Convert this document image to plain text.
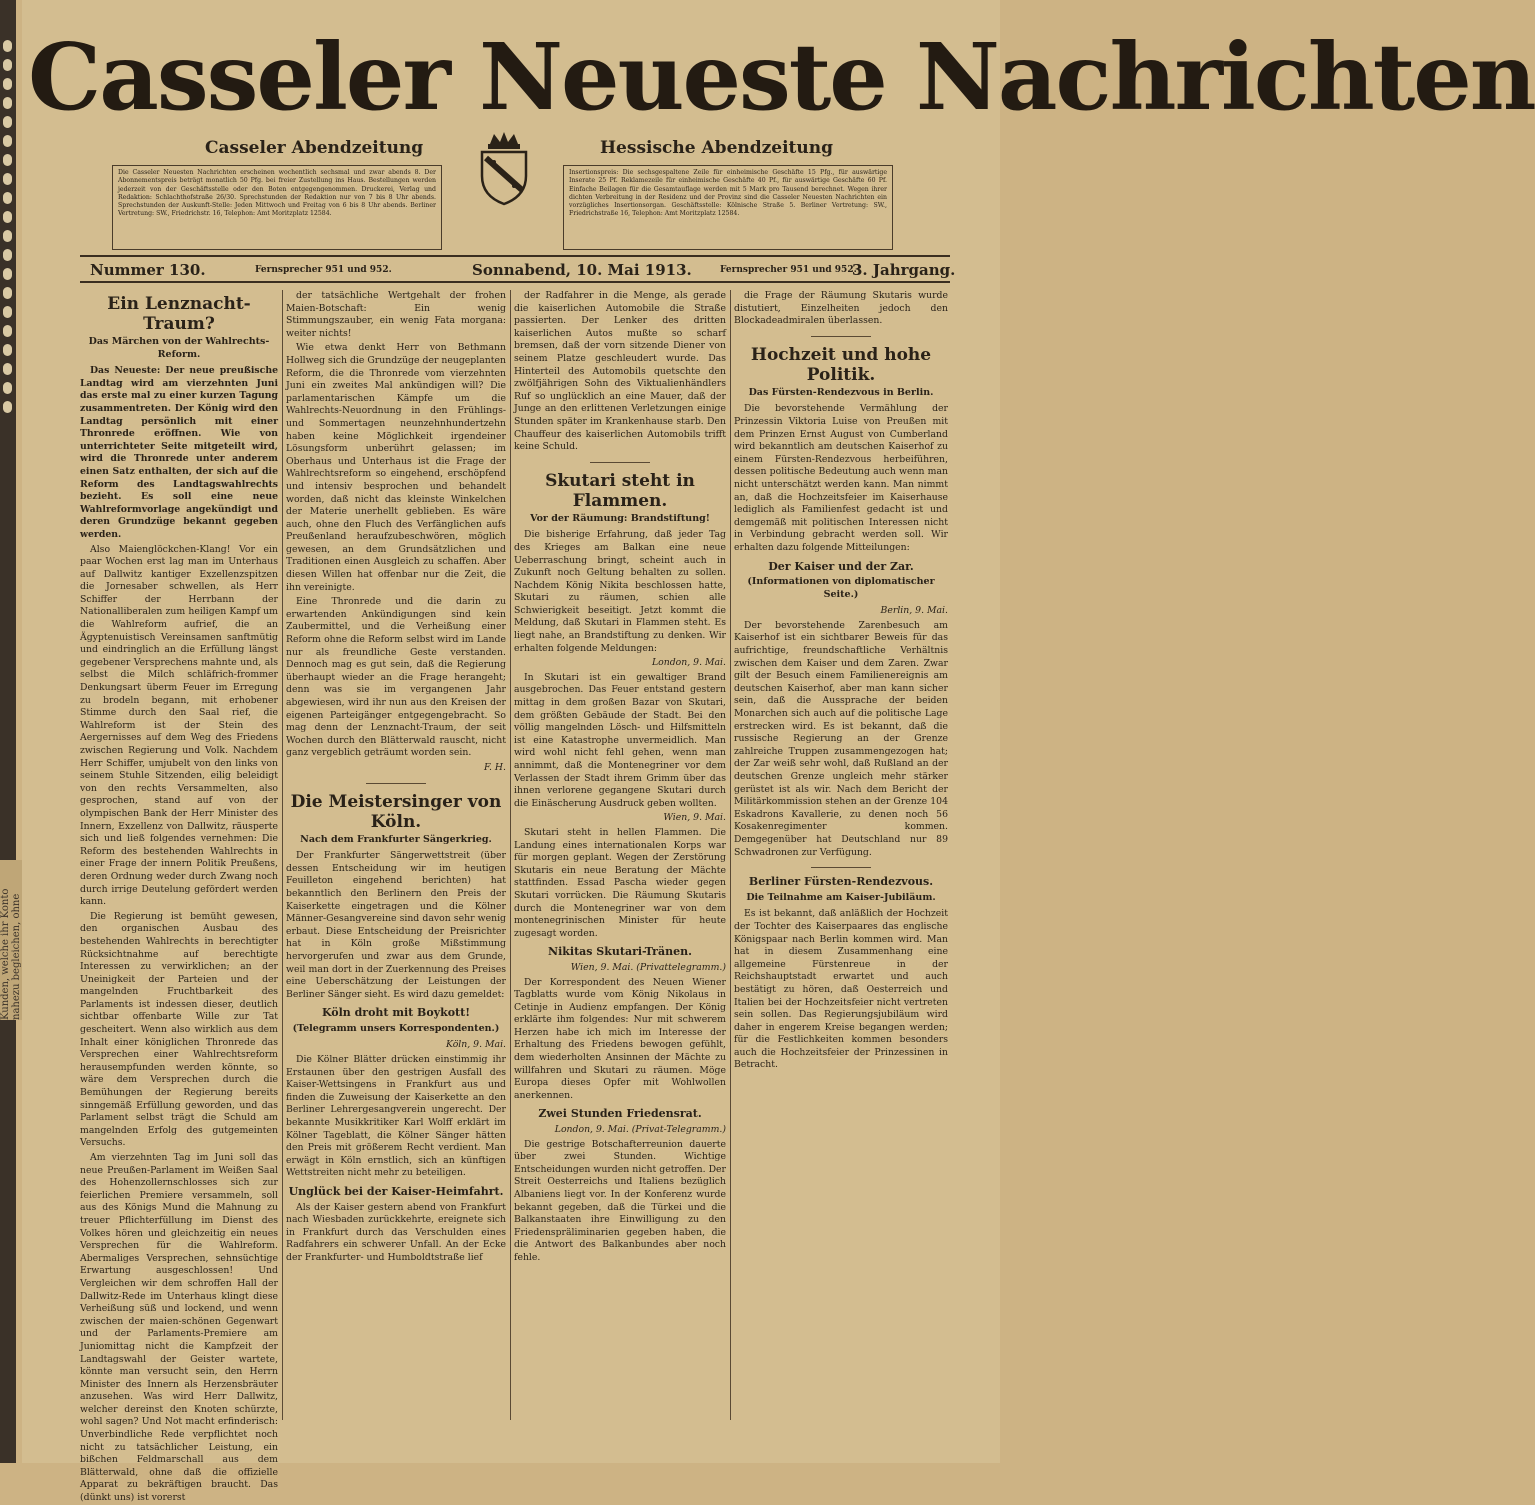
Kunden, welche ihr Konto nahezu begleichen, ohne
Casseler Neueste Nachrichten
Casseler Abendzeitung	Hessische Abendzeitung
Die Casseler Neuesten Nachrichten erscheinen wochentlich sechsmal und zwar abends 8. Der Abonnementspreis beträgt monatlich 50 Pfg. bei freier Zustellung ins Haus. Bestellungen werden jederzeit von der Geschäftsstelle oder den Boten entgegengenommen. Druckerei, Verlag und Redaktion: Schlachthofstraße 26/30. Sprechstunden der Redaktion nur von 7 bis 8 Uhr abends. Sprechstunden der Auskunft-Stelle: Jeden Mittwoch und Freitag von 6 bis 8 Uhr abends. Berliner Vertretung: SW., Friedrichstr. 16, Telephon: Amt Moritzplatz 12584.
Insertionspreis: Die sechsgespaltene Zeile für einheimische Geschäfte 15 Pfg., für auswärtige Inserate 25 Pf. Reklamezeile für einheimische Geschäfte 40 Pf., für auswärtige Geschäfte 60 Pf. Einfache Beilagen für die Gesamtauflage werden mit 5 Mark pro Tausend berechnet. Wegen ihrer dichten Verbreitung in der Residenz und der Provinz sind die Casseler Neuesten Nachrichten ein vorzügliches Insertionsorgan. Geschäftsstelle: Kölnische Straße 5. Berliner Vertretung: SW., Friedrichstraße 16, Telephon: Amt Moritzplatz 12584.
Nummer 130.	Fernsprecher 951 und 952.	Sonnabend, 10. Mai 1913.	Fernsprecher 951 und 952.
3. Jahrgang.
Ein Lenznacht-Traum?
Das Märchen von der Wahlrechts-Reform.

Das Neueste: Der neue preußische Landtag wird am vierzehnten Juni das erste mal zu einer kurzen Tagung zusammentreten. Der König wird den Landtag persönlich mit einer Thronrede eröffnen. Wie von unterrichteter Seite mitgeteilt wird, wird die Thronrede unter anderem einen Satz enthalten, der sich auf die Reform des Landtagswahlrechts bezieht. Es soll eine neue Wahlreformvorlage angekündigt und deren Grundzüge bekannt gegeben werden.

Also Maienglöckchen-Klang! Vor ein paar Wochen erst lag man im Unterhaus auf Dallwitz kantiger Exzellenzspitzen die Jornesaber schwellen, als Herr Schiffer der Herrbann der Nationalliberalen zum heiligen Kampf um die Wahlreform aufrief, die an Ägyptenuistisch Vereinsamen sanftmütig und eindringlich an die Erfüllung längst gegebener Versprechens mahnte und, als selbst die Milch schläfrich-frommer Denkungsart überm Feuer im Erregung zu brodeln begann, mit erhobener Stimme durch den Saal rief, die Wahlreform ist der Stein des Aergernisses auf dem Weg des Friedens zwischen Regierung und Volk. Nachdem Herr Schiffer, umjubelt von den links von seinem Stuhle Sitzenden, eilig beleidigt von den rechts Versammelten, also gesprochen, stand auf von der olympischen Bank der Herr Minister des Innern, Exzellenz von Dallwitz, räusperte sich und ließ folgendes vernehmen: Die Reform des bestehenden Wahlrechts in einer Frage der innern Politik Preußens, deren Ordnung weder durch Zwang noch durch irrige Deutelung gefördert werden kann.

Die Regierung ist bemüht gewesen, den organischen Ausbau des bestehenden Wahlrechts in berechtigter Rücksichtnahme auf berechtigte Interessen zu verwirklichen; an der Uneinigkeit der Parteien und der mangelnden Fruchtbarkeit des Parlaments ist indessen dieser, deutlich sichtbar offenbarte Wille zur Tat gescheitert. Wenn also wirklich aus dem Inhalt einer königlichen Thronrede das Versprechen einer Wahlrechtsreform herausempfunden werden könnte, so wäre dem Versprechen durch die Bemühungen der Regierung bereits sinngemäß Erfüllung geworden, und das Parlament selbst trägt die Schuld am mangelnden Erfolg des gutgemeinten Versuchs.

Am vierzehnten Tag im Juni soll das neue Preußen-Parlament im Weißen Saal des Hohenzollernschlosses sich zur feierlichen Premiere versammeln, soll aus des Königs Mund die Mahnung zu treuer Pflichterfüllung im Dienst des Volkes hören und gleichzeitig ein neues Versprechen für die Wahlreform. Abermaliges Versprechen, sehnsüchtige Erwartung ausgeschlossen! Und Vergleichen wir dem schroffen Hall der Dallwitz-Rede im Unterhaus klingt diese Verheißung süß und lockend, und wenn zwischen der maien-schönen Gegenwart und der Parlaments-Premiere am Juniomittag nicht die Kampfzeit der Landtagswahl der Geister wartete, könnte man versucht sein, den Herrn Minister des Innern als Herzensbräuter anzusehen. Was wird Herr Dallwitz, welcher dereinst den Knoten schürzte, wohl sagen? Und Not macht erfinderisch: Unverbindliche Rede verpflichtet noch nicht zu tatsächlicher Leistung, ein bißchen Feldmarschall aus dem Blätterwald, ohne daß die offizielle Apparat zu bekräftigen braucht. Das (dünkt uns) ist vorerst

der tatsächliche Wertgehalt der frohen Maien-Botschaft: Ein wenig Stimmungszauber, ein wenig Fata morgana: weiter nichts!

Wie etwa denkt Herr von Bethmann Hollweg sich die Grundzüge der neugeplanten Reform, die die Thronrede vom vierzehnten Juni ein zweites Mal ankündigen will? Die parlamentarischen Kämpfe um die Wahlrechts-Neuordnung in den Frühlings- und Sommertagen neunzehnhundertzehn haben keine Möglichkeit irgendeiner Lösungsform unberührt gelassen; im Oberhaus und Unterhaus ist die Frage der Wahlrechtsreform so eingehend, erschöpfend und intensiv besprochen und behandelt worden, daß nicht das kleinste Winkelchen der Materie unerhellt geblieben. Es wäre auch, ohne den Fluch des Verfänglichen aufs Preußenland heraufzubeschwören, möglich gewesen, an dem Grundsätzlichen und Traditionen einen Ausgleich zu schaffen. Aber diesen Willen hat offenbar nur die Zeit, die ihn vereinigte.

Eine Thronrede und die darin zu erwartenden Ankündigungen sind kein Zaubermittel, und die Verheißung einer Reform ohne die Reform selbst wird im Lande nur als freundliche Geste verstanden. Dennoch mag es gut sein, daß die Regierung überhaupt wieder an die Frage herangeht; denn was sie im vergangenen Jahr abgewiesen, wird ihr nun aus den Kreisen der eigenen Parteigänger entgegengebracht. So mag denn der Lenznacht-Traum, der seit Wochen durch den Blätterwald rauscht, nicht ganz vergeblich geträumt worden sein.

F. H.
Die Meistersinger von Köln.
Nach dem Frankfurter Sängerkrieg.

Der Frankfurter Sängerwettstreit (über dessen Entscheidung wir im heutigen Feuilleton eingehend berichten) hat bekanntlich den Berlinern den Preis der Kaiserkette eingetragen und die Kölner Männer-Gesangvereine sind davon sehr wenig erbaut. Diese Entscheidung der Preisrichter hat in Köln große Mißstimmung hervorgerufen und zwar aus dem Grunde, weil man dort in der Zuerkennung des Preises eine Ueberschätzung der Leistungen der Berliner Sänger sieht. Es wird dazu gemeldet:

Köln droht mit Boykott!
(Telegramm unsers Korrespondenten.)
Köln, 9. Mai.

Die Kölner Blätter drücken einstimmig ihr Erstaunen über den gestrigen Ausfall des Kaiser-Wettsingens in Frankfurt aus und finden die Zuweisung der Kaiserkette an den Berliner Lehrergesangverein ungerecht. Der bekannte Musikkritiker Karl Wolff erklärt im Kölner Tageblatt, die Kölner Sänger hätten den Preis mit größerem Recht verdient. Man erwägt in Köln ernstlich, sich an künftigen Wettstreiten nicht mehr zu beteiligen.

Unglück bei der Kaiser-Heimfahrt.

Als der Kaiser gestern abend von Frankfurt nach Wiesbaden zurückkehrte, ereignete sich in Frankfurt durch das Verschulden eines Radfahrers ein schwerer Unfall. An der Ecke der Frankfurter- und Humboldtstraße lief

der Radfahrer in die Menge, als gerade die kaiserlichen Automobile die Straße passierten. Der Lenker des dritten kaiserlichen Autos mußte so scharf bremsen, daß der vorn sitzende Diener von seinem Platze geschleudert wurde. Das Hinterteil des Automobils quetschte den zwölfjährigen Sohn des Viktualienhändlers Ruf so unglücklich an eine Mauer, daß der Junge an den erlittenen Verletzungen einige Stunden später im Krankenhause starb. Den Chauffeur des kaiserlichen Automobils trifft keine Schuld.

Skutari steht in Flammen.
Vor der Räumung: Brandstiftung!

Die bisherige Erfahrung, daß jeder Tag des Krieges am Balkan eine neue Ueberraschung bringt, scheint auch in Zukunft noch Geltung behalten zu sollen. Nachdem König Nikita beschlossen hatte, Skutari zu räumen, schien alle Schwierigkeit beseitigt. Jetzt kommt die Meldung, daß Skutari in Flammen steht. Es liegt nahe, an Brandstiftung zu denken. Wir erhalten folgende Meldungen:

London, 9. Mai.

In Skutari ist ein gewaltiger Brand ausgebrochen. Das Feuer entstand gestern mittag in dem großen Bazar von Skutari, dem größten Gebäude der Stadt. Bei den völlig mangelnden Lösch- und Hilfsmitteln ist eine Katastrophe unvermeidlich. Man wird wohl nicht fehl gehen, wenn man annimmt, daß die Montenegriner vor dem Verlassen der Stadt ihrem Grimm über das ihnen verlorene gegangene Skutari durch die Einäscherung Ausdruck geben wollten.

Wien, 9. Mai.

Skutari steht in hellen Flammen. Die Landung eines internationalen Korps war für morgen geplant. Wegen der Zerstörung Skutaris ein neue Beratung der Mächte stattfinden. Essad Pascha wieder gegen Skutari vorrücken. Die Räumung Skutaris durch die Montenegriner war von dem montenegrinischen Minister für heute zugesagt worden.

Nikitas Skutari-Tränen.
Wien, 9. Mai. (Privattelegramm.)

Der Korrespondent des Neuen Wiener Tagblatts wurde vom König Nikolaus in Cetinje in Audienz empfangen. Der König erklärte ihm folgendes: Nur mit schwerem Herzen habe ich mich im Interesse der Erhaltung des Friedens bewogen gefühlt, dem wiederholten Ansinnen der Mächte zu willfahren und Skutari zu räumen. Möge Europa dieses Opfer mit Wohlwollen anerkennen.

Zwei Stunden Friedensrat.
London, 9. Mai. (Privat-Telegramm.)

Die gestrige Botschafterreunion dauerte über zwei Stunden. Wichtige Entscheidungen wurden nicht getroffen. Der Streit Oesterreichs und Italiens bezüglich Albaniens liegt vor. In der Konferenz wurde bekannt gegeben, daß die Türkei und die Balkanstaaten ihre Einwilligung zu den Friedenspräliminarien gegeben haben, die die Antwort des Balkanbundes aber noch fehle.

die Frage der Räumung Skutaris wurde distutiert, Einzelheiten jedoch den Blockadeadmiralen überlassen.

Hochzeit und hohe Politik.
Das Fürsten-Rendezvous in Berlin.

Die bevorstehende Vermählung der Prinzessin Viktoria Luise von Preußen mit dem Prinzen Ernst August von Cumberland wird bekanntlich am deutschen Kaiserhof zu einem Fürsten-Rendezvous herbeiführen, dessen politische Bedeutung auch wenn man nicht unterschätzt werden kann. Man nimmt an, daß die Hochzeitsfeier im Kaiserhause lediglich als Familienfest gedacht ist und demgemäß mit politischen Interessen nicht in Verbindung gebracht werden soll. Wir erhalten dazu folgende Mitteilungen:

Der Kaiser und der Zar.
(Informationen von diplomatischer Seite.)
Berlin, 9. Mai.

Der bevorstehende Zarenbesuch am Kaiserhof ist ein sichtbarer Beweis für das aufrichtige, freundschaftliche Verhältnis zwischen dem Kaiser und dem Zaren. Zwar gilt der Besuch einem Familienereignis am deutschen Kaiserhof, aber man kann sicher sein, daß die Aussprache der beiden Monarchen sich auch auf die politische Lage erstrecken wird. Es ist bekannt, daß die russische Regierung an der Grenze zahlreiche Truppen zusammengezogen hat; der Zar weiß sehr wohl, daß Rußland an der deutschen Grenze ungleich mehr stärker gerüstet ist als wir. Nach dem Bericht der Militärkommission stehen an der Grenze 104 Eskadrons Kavallerie, zu denen noch 56 Kosakenregimenter kommen. Demgegenüber hat Deutschland nur 89 Schwadronen zur Verfügung.

Berliner Fürsten-Rendezvous.
Die Teilnahme am Kaiser-Jubiläum.

Es ist bekannt, daß anläßlich der Hochzeit der Tochter des Kaiserpaares das englische Königspaar nach Berlin kommen wird. Man hat in diesem Zusammenhang eine allgemeine Fürstenreue in der Reichshauptstadt erwartet und auch bestätigt zu hören, daß Oesterreich und Italien bei der Hochzeitsfeier nicht vertreten sein sollen. Das Regierungsjubiläum wird daher in engerem Kreise begangen werden; für die Festlichkeiten kommen besonders auch die Hochzeitsfeier der Prinzessinen in Betracht.
